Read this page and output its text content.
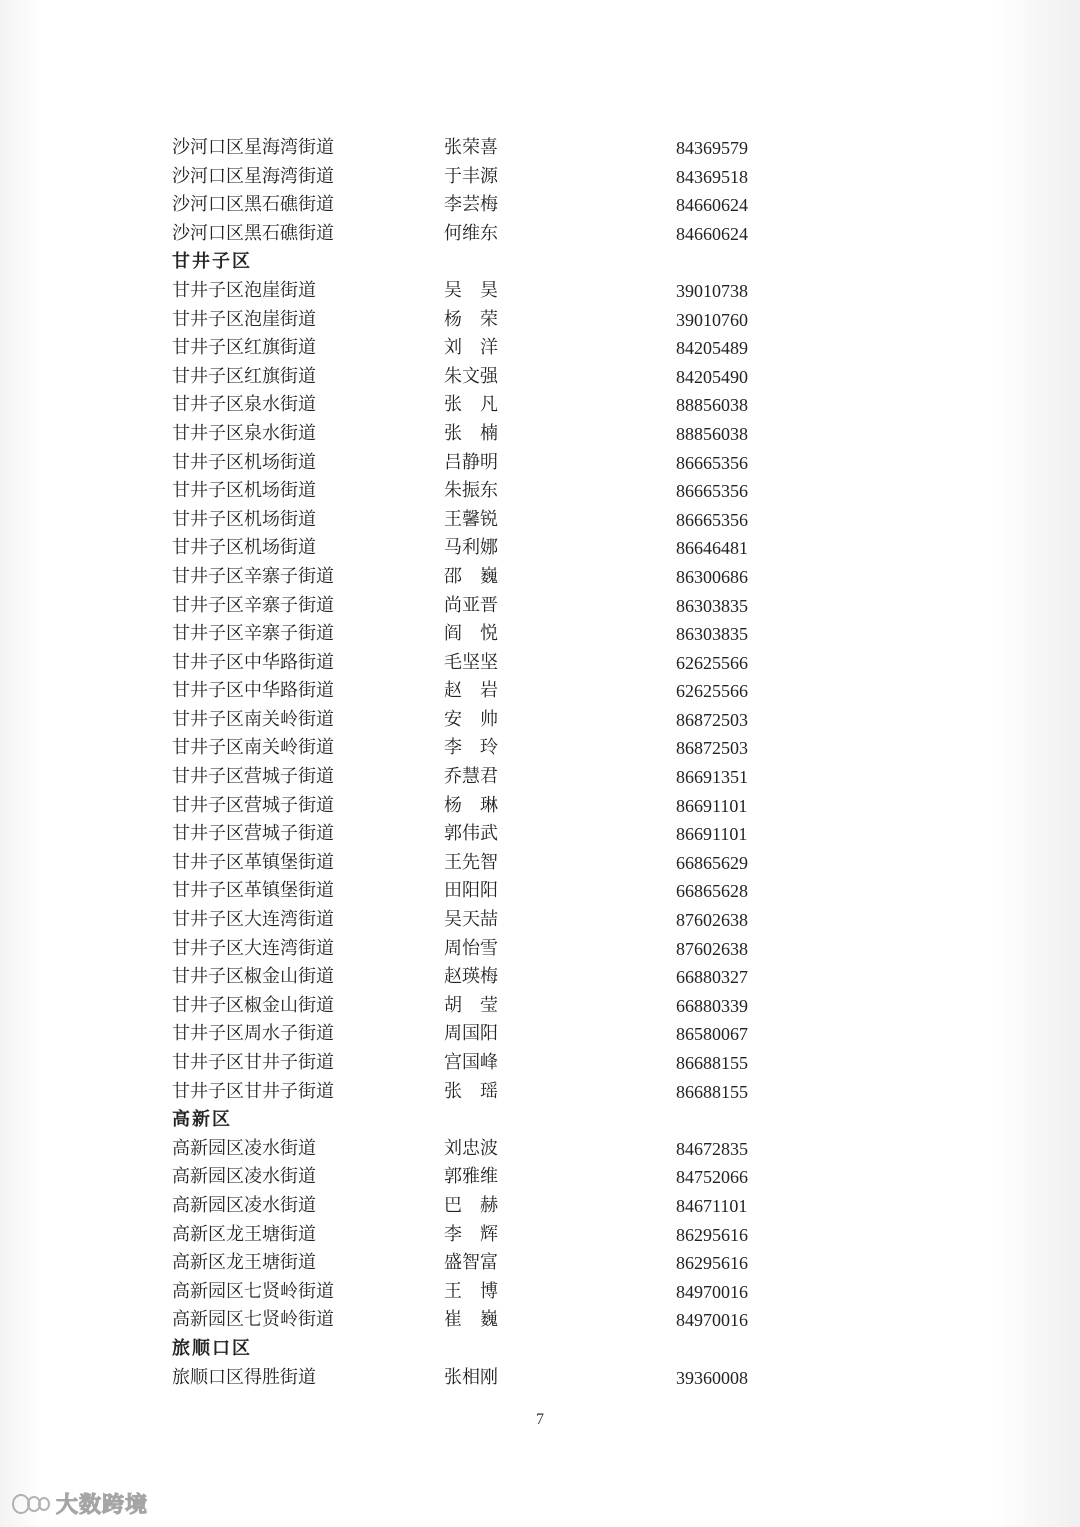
沙河口区星海湾街道	张荣喜	84369579
沙河口区星海湾街道	于丰源	84369518
沙河口区黑石礁街道	李芸梅	84660624
沙河口区黑石礁街道	何维东	84660624
甘井子区
甘井子区泡崖街道	吴　昊	39010738
甘井子区泡崖街道	杨　荣	39010760
甘井子区红旗街道	刘　洋	84205489
甘井子区红旗街道	朱文强	84205490
甘井子区泉水街道	张　凡	88856038
甘井子区泉水街道	张　楠	88856038
甘井子区机场街道	吕静明	86665356
甘井子区机场街道	朱振东	86665356
甘井子区机场街道	王馨锐	86665356
甘井子区机场街道	马利娜	86646481
甘井子区辛寨子街道	邵　巍	86300686
甘井子区辛寨子街道	尚亚晋	86303835
甘井子区辛寨子街道	阎　悦	86303835
甘井子区中华路街道	毛坚坚	62625566
甘井子区中华路街道	赵　岩	62625566
甘井子区南关岭街道	安　帅	86872503
甘井子区南关岭街道	李　玲	86872503
甘井子区营城子街道	乔慧君	86691351
甘井子区营城子街道	杨　琳	86691101
甘井子区营城子街道	郭伟武	86691101
甘井子区革镇堡街道	王先智	66865629
甘井子区革镇堡街道	田阳阳	66865628
甘井子区大连湾街道	吴天喆	87602638
甘井子区大连湾街道	周怡雪	87602638
甘井子区椒金山街道	赵瑛梅	66880327
甘井子区椒金山街道	胡　莹	66880339
甘井子区周水子街道	周国阳	86580067
甘井子区甘井子街道	宫国峰	86688155
甘井子区甘井子街道	张　瑶	86688155
高新区
高新园区凌水街道	刘忠波	84672835
高新园区凌水街道	郭雅维	84752066
高新园区凌水街道	巴　赫	84671101
高新区龙王塘街道	李　辉	86295616
高新区龙王塘街道	盛智富	86295616
高新园区七贤岭街道	王　博	84970016
高新园区七贤岭街道	崔　巍	84970016
旅顺口区
旅顺口区得胜街道	张相刚	39360008
7
大数跨境
